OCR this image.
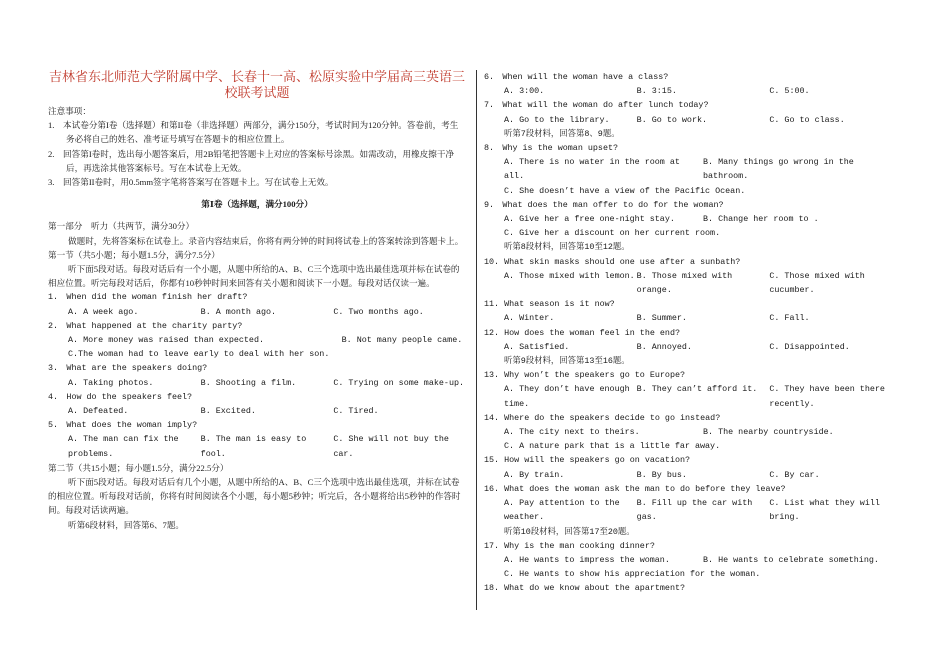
吉林省东北师范大学附属中学、长春十一高、松原实验中学届高三英语三校联考试题

注意事项：

1.　本试卷分第I卷（选择题）和第II卷（非选择题）两部分，满分150分，考试时间为120分钟。答卷前，考生务必将自己的姓名、准考证号填写在答题卡的相应位置上。

2.　回答第I卷时，选出每小题答案后，用2B铅笔把答题卡上对应的答案标号涂黑。如需改动，用橡皮擦干净后，再选涂其他答案标号。写在本试卷上无效。

3.　回答第II卷时，用0.5mm签字笔将答案写在答题卡上。写在试卷上无效。

第Ⅰ卷（选择题，满分100分）

第一部分　听力（共两节，满分30分）

做题时，先将答案标在试卷上。录音内容结束后，你将有两分钟的时间将试卷上的答案转涂到答题卡上。

第一节（共5小题；每小题1.5分，满分7.5分）

听下面5段对话。每段对话后有一个小题，从题中所给的A、B、C三个选项中选出最佳选项并标在试卷的相应位置。听完每段对话后，你都有10秒钟时间来回答有关小题和阅读下一小题。每段对话仅读一遍。

1.　When did the woman finish her draft?

A. A week ago.	B. A month ago.	C. Two months ago.

2.　What happened at the charity party?

A. More money was raised than expected.	B. Not many people came.

C.The woman had to leave early to deal with her son.

3.　What are the speakers doing?

A. Taking photos.	B. Shooting a film.	C. Trying on some make-up.

4.　How do the speakers feel?

A. Defeated.	B. Excited.	C. Tired.

5.　What does the woman imply?

A. The man can fix the problems.
B. The man is easy to fool.
C. She will not buy the car.

第二节（共15小题；每小题1.5分，满分22.5分）

听下面5段对话。每段对话后有几个小题，从题中所给的A、B、C三个选项中选出最佳选项，并标在试卷的相应位置。听每段对话前，你将有时间阅读各个小题，每小题5秒钟；听完后，各小题将给出5秒钟的作答时间。每段对话读两遍。

听第6段材料，回答第6、7题。

6.　When will the woman have a class?

A. 3:00.	B. 3:15.	C. 5:00.

7.　What will the woman do after lunch today?

A. Go to the library.	B. Go to work.	C. Go to class.

听第7段材料，回答第8、9题。

8.　Why is the woman upset?

A. There is no water in the room at all.
B. Many things go wrong in the bathroom.

C. She doesn’t have a view of the Pacific Ocean.

9.　What does the man offer to do for the woman?

A. Give her a free one-night stay.	B. Change her room to .

C. Give her a discount on her current room.

听第8段材料，回答第10至12题。

10. What skin masks should one use after a sunbath?

A. Those mixed with lemon. B. Those mixed with orange.
C. Those mixed with cucumber.

11. What season is it now?

A. Winter.	B. Summer.	C. Fall.

12. How does the woman feel in the end?

A. Satisfied.	B. Annoyed.	C. Disappointed.

听第9段材料，回答第13至16题。

13. Why won’t the speakers go to Europe?

A. They don’t have enough time.
B. They can’t afford it.	C. They have been there recently.

14. Where do the speakers decide to go instead?

A. The city next to theirs.	B. The nearby countryside.

C. A nature park that is a little far away.

15. How will the speakers go on vacation?

A. By train.	B. By bus.	C. By car.

16. What does the woman ask the man to do before they leave?

A. Pay attention to the weather.
B. Fill up the car with gas.
C. List what they will bring.

听第10段材料，回答第17至20题。

17. Why is the man cooking dinner?

A. He wants to impress the woman.	B. He wants to celebrate something.

C. He wants to show his appreciation for the woman.

18. What do we know about the apartment?
